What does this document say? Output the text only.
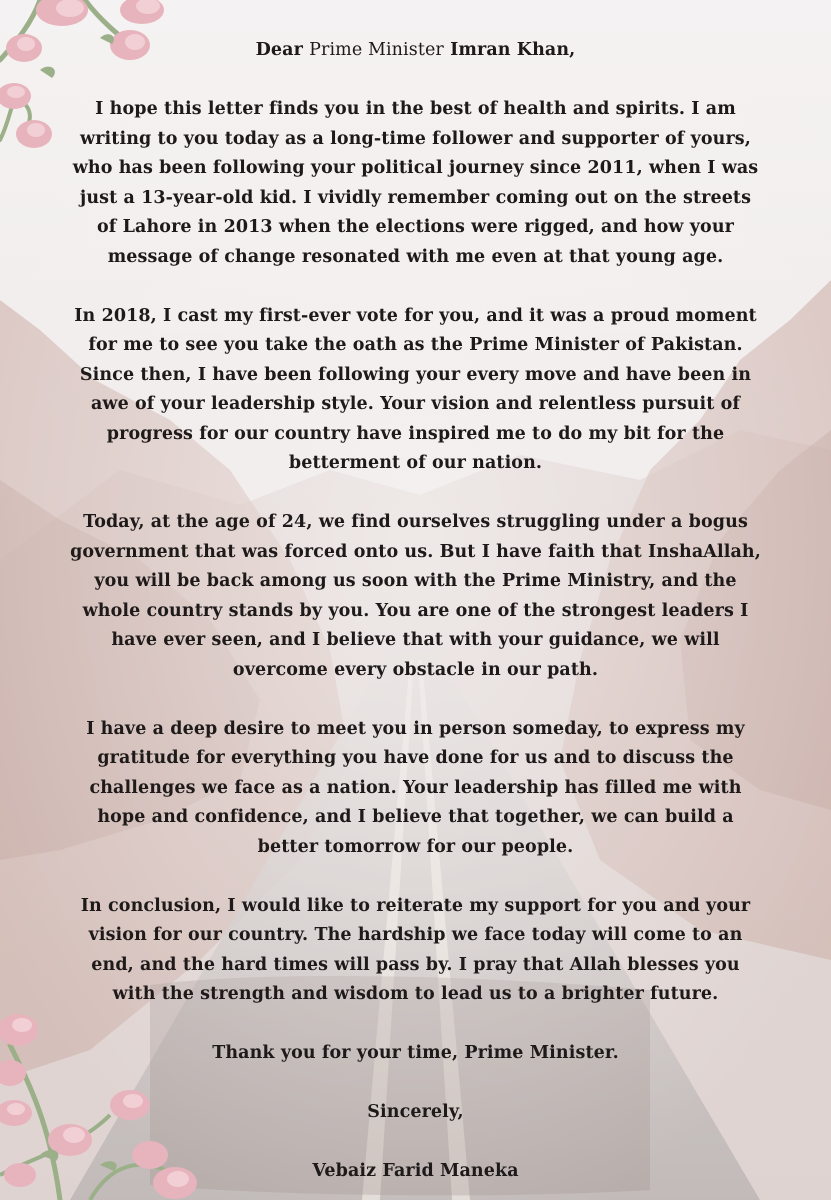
Dear Prime Minister Imran Khan,

I hope this letter finds you in the best of health and spirits. I am writing to you today as a long-time follower and supporter of yours, who has been following your political journey since 2011, when I was just a 13-year-old kid. I vividly remember coming out on the streets of Lahore in 2013 when the elections were rigged, and how your message of change resonated with me even at that young age.

In 2018, I cast my first-ever vote for you, and it was a proud moment for me to see you take the oath as the Prime Minister of Pakistan. Since then, I have been following your every move and have been in awe of your leadership style. Your vision and relentless pursuit of progress for our country have inspired me to do my bit for the betterment of our nation.

Today, at the age of 24, we find ourselves struggling under a bogus government that was forced onto us. But I have faith that InshaAllah, you will be back among us soon with the Prime Ministry, and the whole country stands by you. You are one of the strongest leaders I have ever seen, and I believe that with your guidance, we will overcome every obstacle in our path.

I have a deep desire to meet you in person someday, to express my gratitude for everything you have done for us and to discuss the challenges we face as a nation. Your leadership has filled me with hope and confidence, and I believe that together, we can build a better tomorrow for our people.

In conclusion, I would like to reiterate my support for you and your vision for our country. The hardship we face today will come to an end, and the hard times will pass by. I pray that Allah blesses you with the strength and wisdom to lead us to a brighter future.

Thank you for your time, Prime Minister.

Sincerely,

Vebaiz Farid Maneka
